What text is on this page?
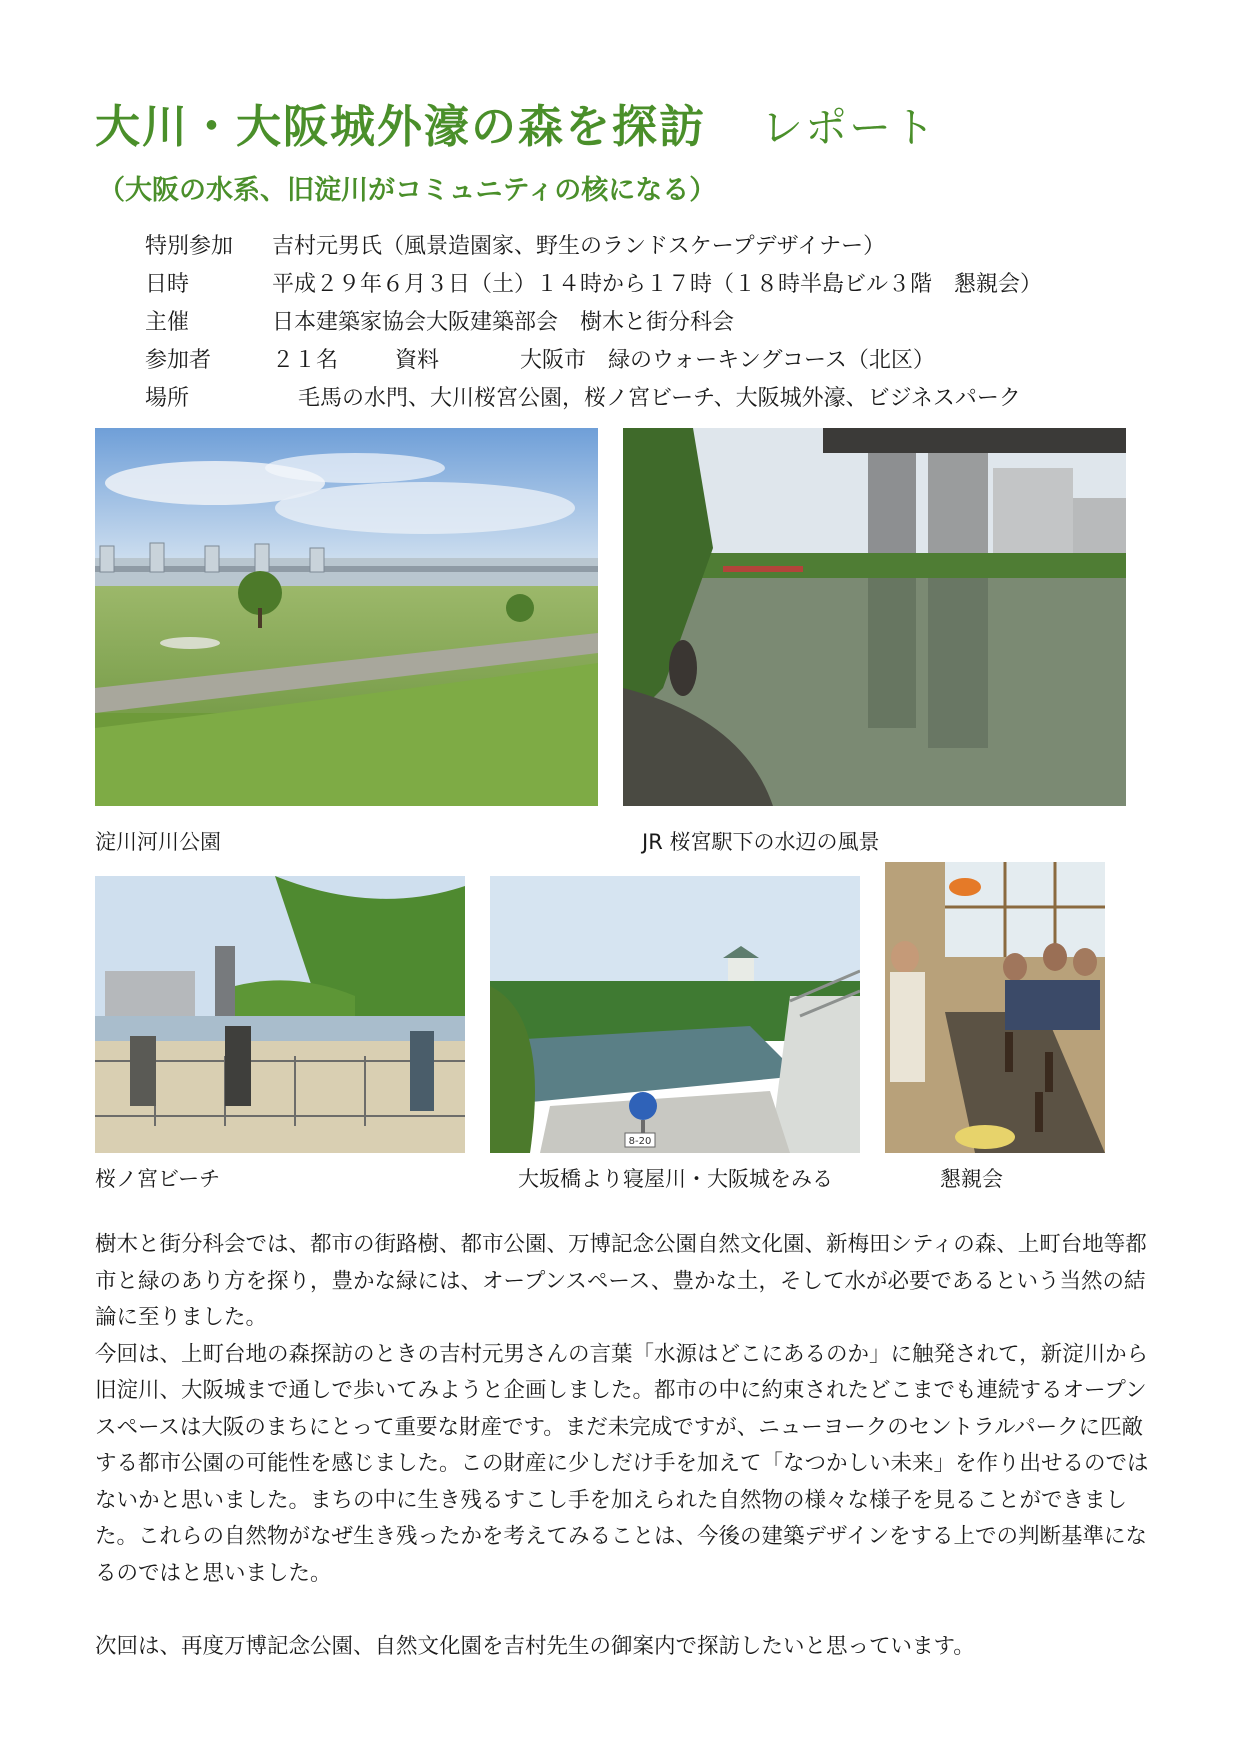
大川・大阪城外濠の森を探訪 レポート
（大阪の水系、旧淀川がコミュニティの核になる）
特別参加 吉村元男氏（風景造園家、野生のランドスケープデザイナー）
日時	平成２９年６月３日（土）１４時から１７時（１８時半島ビル３階　懇親会）
主催	日本建築家協会大阪建築部会　樹木と街分科会
参加者	２１名	資料	大阪市　緑のウォーキングコース（北区）
場所	毛馬の水門、大川桜宮公園，桜ノ宮ビーチ、大阪城外濠、ビジネスパーク
淀川河川公園	JR 桜宮駅下の水辺の風景
桜ノ宮ビーチ
8-20
大坂橋より寝屋川・大阪城をみる	懇親会

樹木と街分科会では、都市の街路樹、都市公園、万博記念公園自然文化園、新梅田シティの森、上町台地等都市と緑のあり方を探り，豊かな緑には、オープンスペース、豊かな土，そして水が必要であるという当然の結論に至りました。

今回は、上町台地の森探訪のときの吉村元男さんの言葉「水源はどこにあるのか」に触発されて，新淀川から旧淀川、大阪城まで通しで歩いてみようと企画しました。都市の中に約束されたどこまでも連続するオープンスペースは大阪のまちにとって重要な財産です。まだ未完成ですが、ニューヨークのセントラルパークに匹敵する都市公園の可能性を感じました。この財産に少しだけ手を加えて「なつかしい未来」を作り出せるのではないかと思いました。まちの中に生き残るすこし手を加えられた自然物の様々な様子を見ることができました。これらの自然物がなぜ生き残ったかを考えてみることは、今後の建築デザインをする上での判断基準になるのではと思いました。

次回は、再度万博記念公園、自然文化園を吉村先生の御案内で探訪したいと思っています。
